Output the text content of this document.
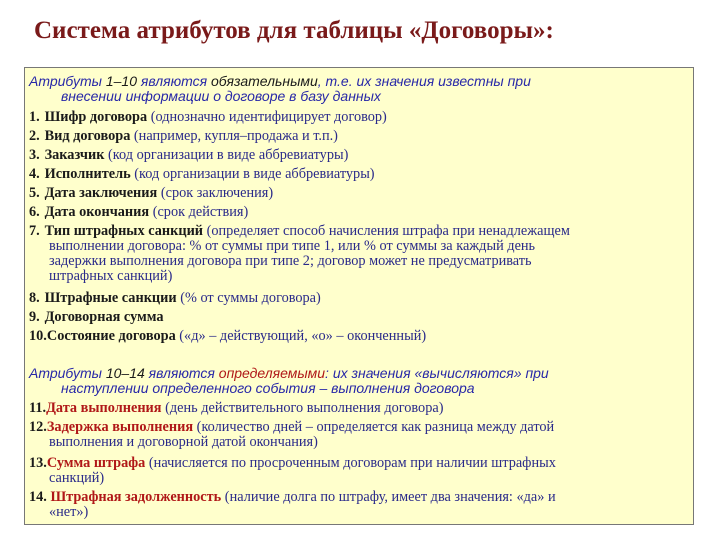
Система атрибутов для таблицы «Договоры»:
Атрибуты 1–10 являются обязательными, т.е. их значения известны при
внесении информации о договоре в базу данных
1. Шифр договора (однозначно идентифицирует договор)
2. Вид договора (например, купля–продажа и т.п.)
3. Заказчик (код организации в виде аббревиатуры)
4. Исполнитель (код организации в виде аббревиатуры)
5. Дата заключения (срок заключения)
6. Дата окончания (срок действия)
7. Тип штрафных санкций (определяет способ начисления штрафа при ненадлежащем
выполнении договора: % от суммы при типе 1, или % от суммы за каждый день
задержки выполнения договора при типе 2; договор может не предусматривать
штрафных санкций)
8. Штрафные санкции (% от суммы договора)
9. Договорная сумма
10.Состояние договора («д» – действующий, «о» – оконченный)
Атрибуты 10–14 являются определяемыми: их значения «вычисляются» при
наступлении определенного события – выполнения договора
11.Дата выполнения (день действительного выполнения договора)
12.Задержка выполнения (количество дней – определяется как разница между датой
выполнения и договорной датой окончания)
13.Сумма штрафа (начисляется по просроченным договорам при наличии штрафных
санкций)
14. Штрафная задолженность (наличие долга по штрафу, имеет два значения: «да» и
«нет»)
